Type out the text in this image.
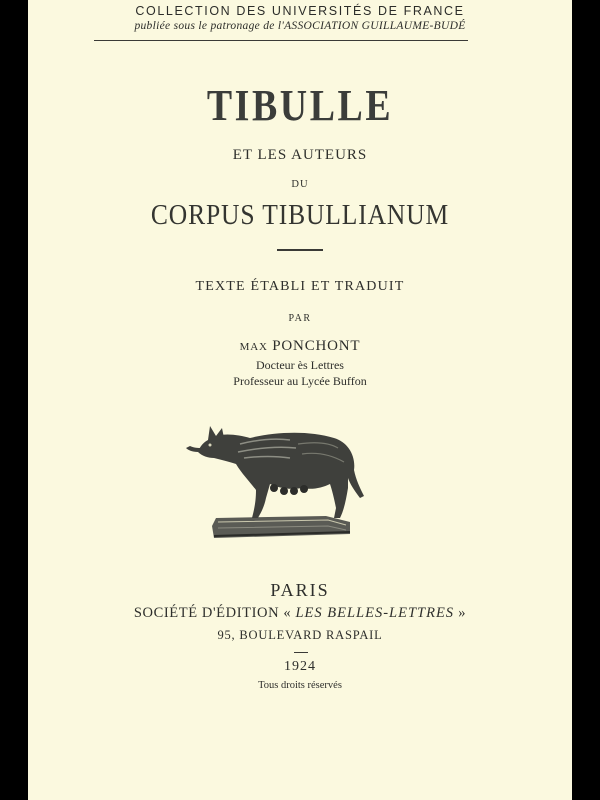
COLLECTION DES UNIVERSITÉS DE FRANCE
publiée sous le patronage de l'ASSOCIATION GUILLAUME-BUDÉ
TIBULLE
ET LES AUTEURS
DU
CORPUS TIBULLIANUM
TEXTE ÉTABLI ET TRADUIT
PAR
MAX PONCHONT
Docteur ès Lettres
Professeur au Lycée Buffon
PARIS
SOCIÉTÉ D'ÉDITION « LES BELLES-LETTRES »
95, BOULEVARD RASPAIL
1924
Tous droits réservés
